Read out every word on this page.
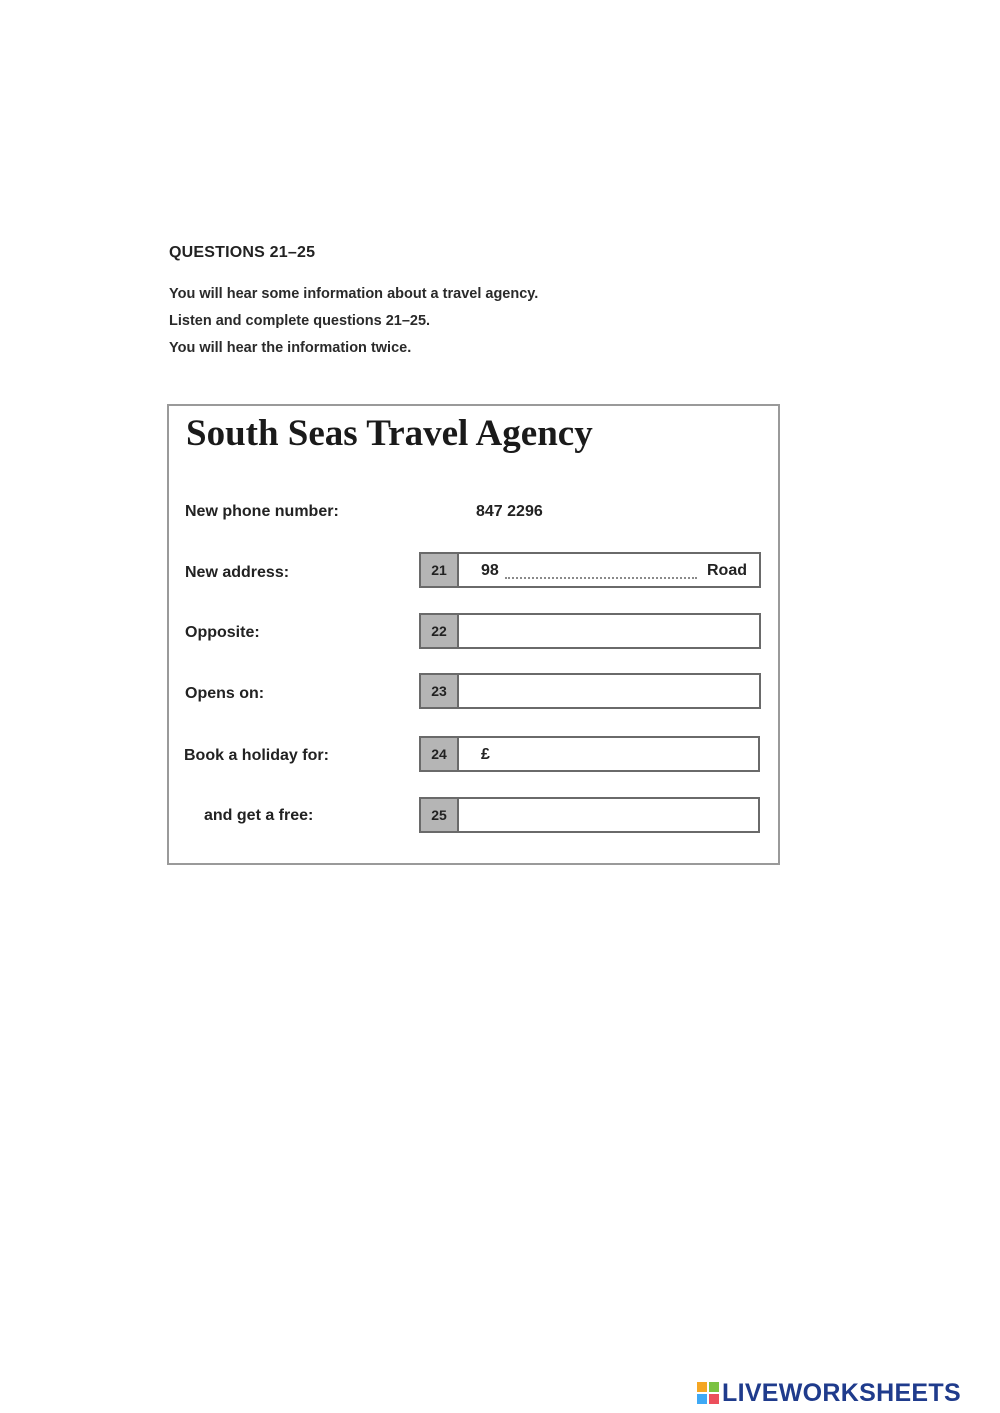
QUESTIONS 21–25
You will hear some information about a travel agency.
Listen and complete questions 21–25.
You will hear the information twice.
South Seas Travel Agency
New phone number:	847 2296
New address:	21	98	Road
Opposite:	22
Opens on:	23
Book a holiday for:	24	£
and get a free:	25
LIVEWORKSHEETS
